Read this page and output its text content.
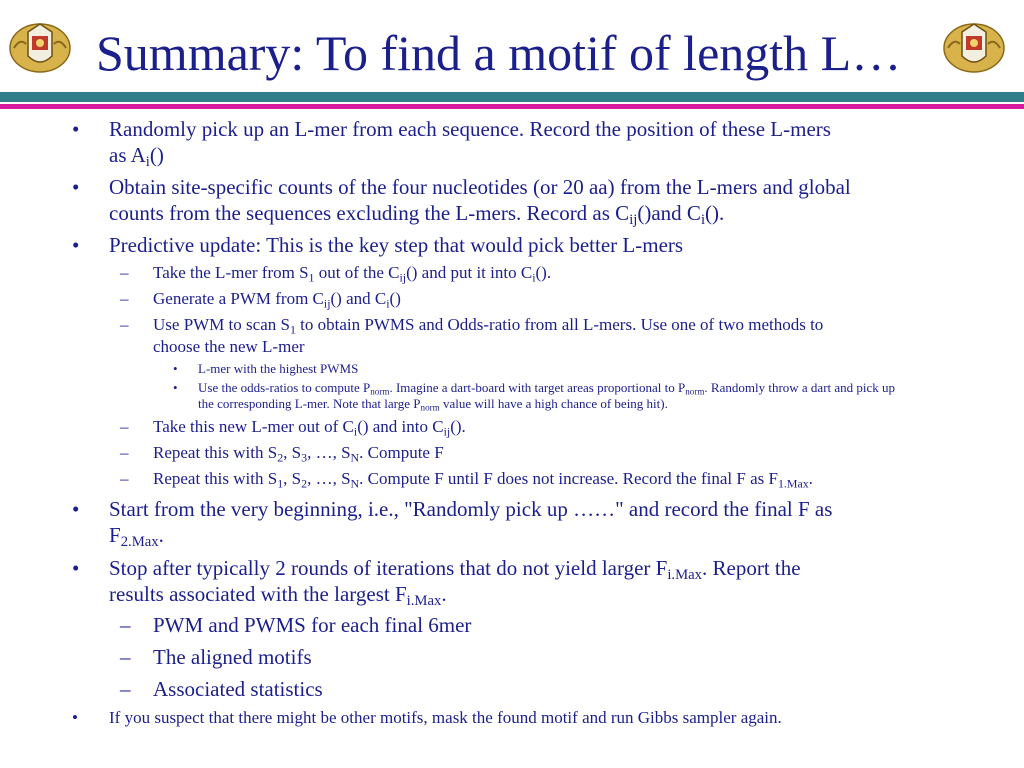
Summary: To find a motif of length L…
• Randomly pick up an L-mer from each sequence. Record the position of these L-mers
as $A_i()$
• Obtain site-specific counts of the four nucleotides (or 20 aa) from the L-mers and global
counts from the sequences excluding the L-mers. Record as $C_{ij}()and$ $C_i()$.
• Predictive update: This is the key step that would pick better L-mers
– Take the L-mer from $S_1$ out of the $C_{ij}()$ and put it into $C_i()$.
– Generate a PWM from $C_{ij}()$ and $C_i()$
– Use PWM to scan $S_1$ to obtain PWMS and Odds-ratio from all L-mers. Use one of two methods to
choose the new L-mer
• L-mer with the highest PWMS
• Use the odds-ratios to compute $P_{norm}$. Imagine a dart-board with target areas proportional to $P_{norm}$. Randomly throw a dart and pick up
the corresponding L-mer. Note that large $P_{norm}$ value will have a high chance of being hit).
– Take this new L-mer out of $C_i()$ and into $C_{ij}()$.
– Repeat this with $S_2$, $S_3$, …, $S_N$. Compute F
– Repeat this with $S_1$, $S_2$, …, $S_N$. Compute F until F does not increase. Record the final F as $F_{1.Max}$.
• Start from the very beginning, i.e., "Randomly pick up ……" and record the final F as
$F_{2.Max}$.
• Stop after typically 2 rounds of iterations that do not yield larger $F_{i.Max}$. Report the
results associated with the largest $F_{i.Max}$.
– PWM and PWMS for each final 6mer
– The aligned motifs
– Associated statistics
• If you suspect that there might be other motifs, mask the found motif and run Gibbs sampler again.
